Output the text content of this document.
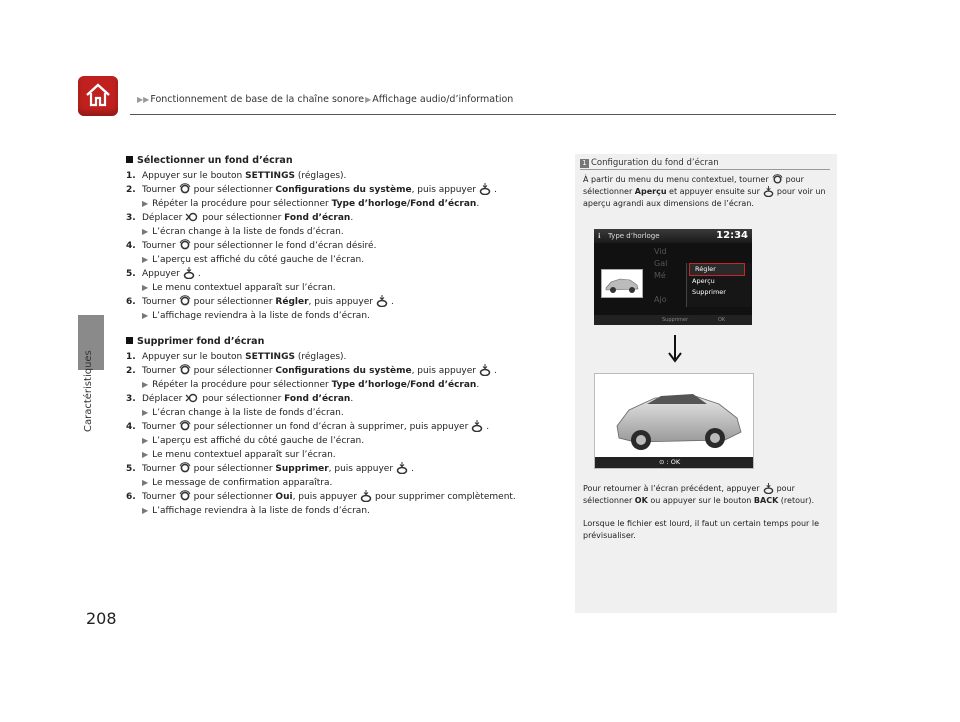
▶▶Fonctionnement de base de la chaîne sonore▶Affichage audio/d’information
Caractéristiques
208
Sélectionner un fond d’écran
1. Appuyer sur le bouton SETTINGS (réglages).
2. Tourner pour sélectionner Configurations du système, puis appuyer .
▶ Répéter la procédure pour sélectionner Type d’horloge/Fond d’écran.
3. Déplacer pour sélectionner Fond d’écran.
▶ L’écran change à la liste de fonds d’écran.
4. Tourner pour sélectionner le fond d’écran désiré.
▶ L’aperçu est affiché du côté gauche de l’écran.
5. Appuyer .
▶ Le menu contextuel apparaît sur l’écran.
6. Tourner pour sélectionner Régler, puis appuyer .
▶ L’affichage reviendra à la liste de fonds d’écran.
Supprimer fond d’écran
1. Appuyer sur le bouton SETTINGS (réglages).
2. Tourner pour sélectionner Configurations du système, puis appuyer .
▶ Répéter la procédure pour sélectionner Type d’horloge/Fond d’écran.
3. Déplacer pour sélectionner Fond d’écran.
▶ L’écran change à la liste de fonds d’écran.
4. Tourner pour sélectionner un fond d’écran à supprimer, puis appuyer .
▶ L’aperçu est affiché du côté gauche de l’écran.
▶ Le menu contextuel apparaît sur l’écran.
5. Tourner pour sélectionner Supprimer, puis appuyer .
▶ Le message de confirmation apparaîtra.
6. Tourner pour sélectionner Oui, puis appuyer pour supprimer complètement.
▶ L’affichage reviendra à la liste de fonds d’écran.
1 Configuration du fond d’écran
À partir du menu du menu contextuel, tourner pour
sélectionner Aperçu et appuyer ensuite sur pour voir un
aperçu agrandi aux dimensions de l’écran.
ℹ Type d’horloge	12:34
Vid
Gal
Mé
Ajo
Régler
Aperçu
Supprimer
Supprimer	OK
⊙ : OK
Pour retourner à l’écran précédent, appuyer pour
sélectionner OK ou appuyer sur le bouton BACK (retour).
Lorsque le fichier est lourd, il faut un certain temps pour le
prévisualiser.
